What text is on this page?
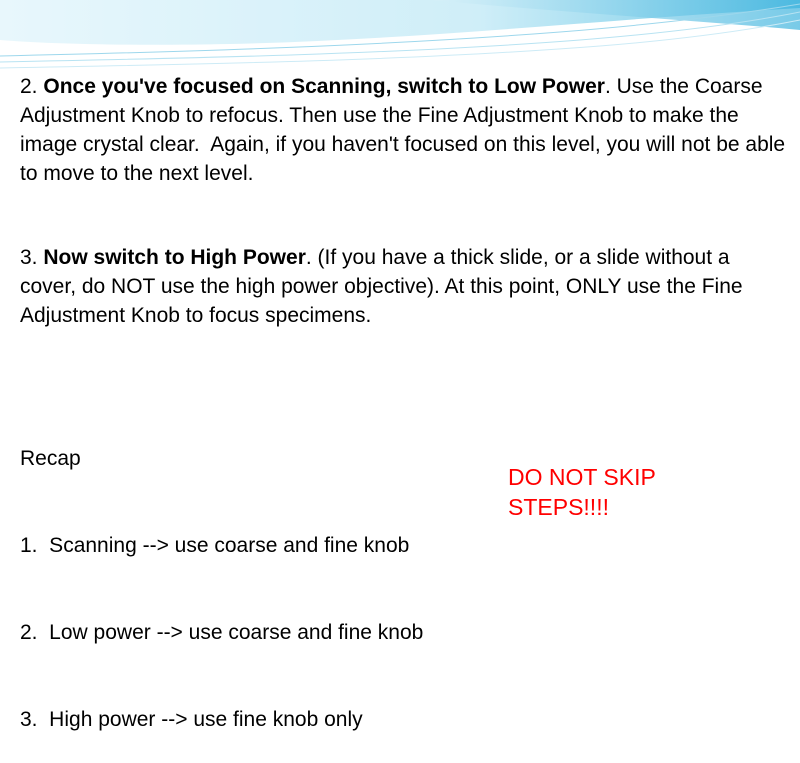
2. Once you've focused on Scanning, switch to Low Power. Use the Coarse Adjustment Knob to refocus. Then use the Fine Adjustment Knob to make the image crystal clear.  Again, if you haven't focused on this level, you will not be able to move to the next level.

3. Now switch to High Power. (If you have a thick slide, or a slide without a cover, do NOT use the high power objective). At this point, ONLY use the Fine Adjustment Knob to focus specimens.

Recap

1.  Scanning --> use coarse and fine knob

2.  Low power --> use coarse and fine knob

3.  High power --> use fine knob only

DO NOT SKIP
STEPS!!!!
